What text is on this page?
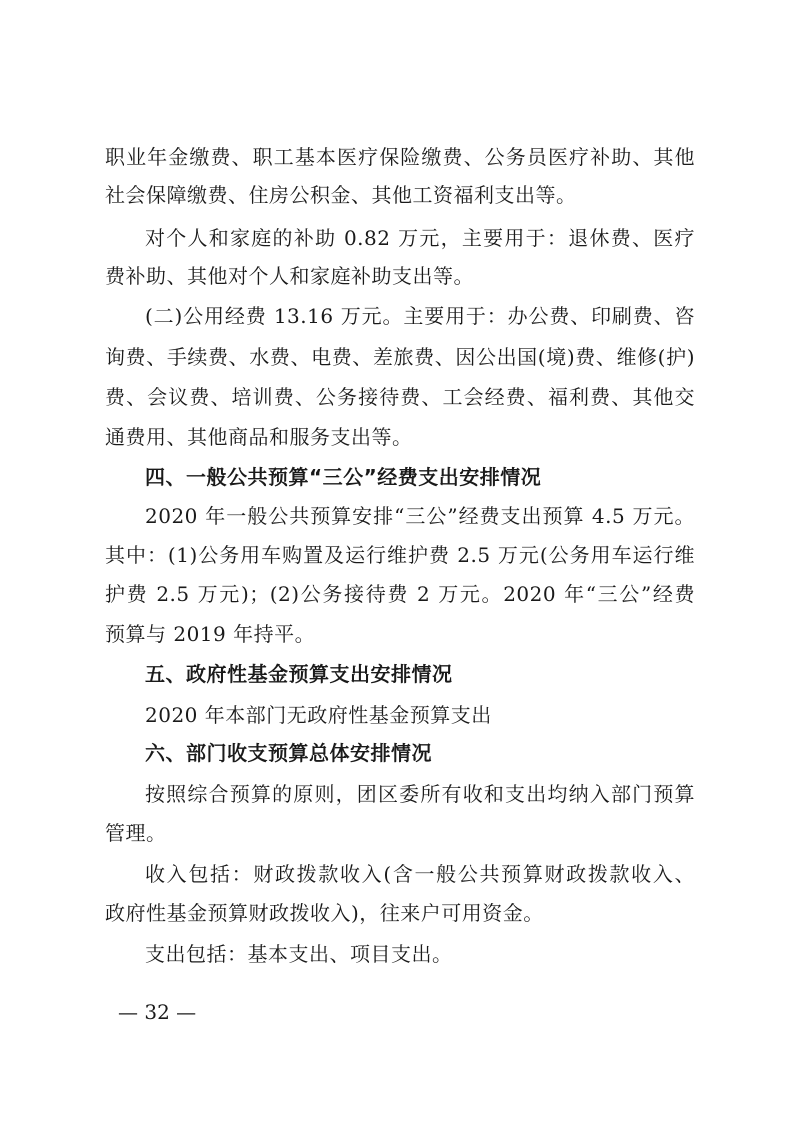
职业年金缴费、职工基本医疗保险缴费、公务员医疗补助、其他
社会保障缴费、住房公积金、其他工资福利支出等。
对个人和家庭的补助 0.82 万元，主要用于：退休费、医疗
费补助、其他对个人和家庭补助支出等。
(二)公用经费 13.16 万元。主要用于：办公费、印刷费、咨
询费、手续费、水费、电费、差旅费、因公出国(境)费、维修(护)
费、会议费、培训费、公务接待费、工会经费、福利费、其他交
通费用、其他商品和服务支出等。
四、一般公共预算“三公”经费支出安排情况
2020 年一般公共预算安排“三公”经费支出预算 4.5 万元。
其中：(1)公务用车购置及运行维护费 2.5 万元(公务用车运行维
护费 2.5 万元)；(2)公务接待费 2 万元。2020 年“三公”经费
预算与 2019 年持平。
五、政府性基金预算支出安排情况
2020 年本部门无政府性基金预算支出
六、部门收支预算总体安排情况
按照综合预算的原则，团区委所有收和支出均纳入部门预算
管理。
收入包括：财政拨款收入(含一般公共预算财政拨款收入、
政府性基金预算财政拨收入)，往来户可用资金。
支出包括：基本支出、项目支出。
— 32 —
